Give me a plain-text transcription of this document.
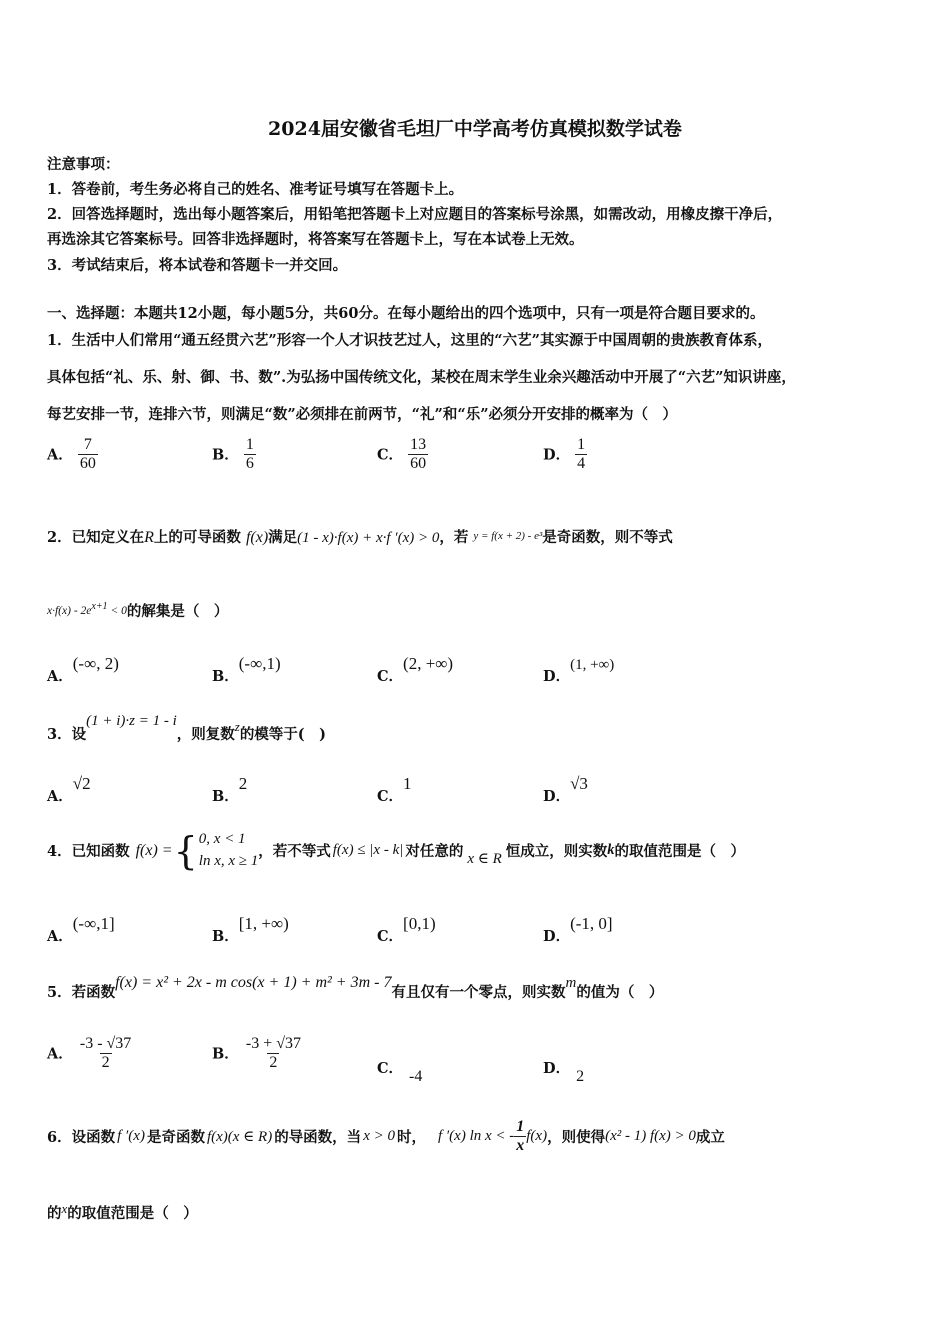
2024届安徽省毛坦厂中学高考仿真模拟数学试卷
注意事项：
1．答卷前，考生务必将自己的姓名、准考证号填写在答题卡上。
2．回答选择题时，选出每小题答案后，用铅笔把答题卡上对应题目的答案标号涂黑，如需改动，用橡皮擦干净后，
再选涂其它答案标号。回答非选择题时，将答案写在答题卡上，写在本试卷上无效。
3．考试结束后，将本试卷和答题卡一并交回。
一、选择题：本题共12小题，每小题5分，共60分。在每小题给出的四个选项中，只有一项是符合题目要求的。
1．生活中人们常用“通五经贯六艺”形容一个人才识技艺过人，这里的“六艺”其实源于中国周朝的贵族教育体系，
具体包括“礼、乐、射、御、书、数”.为弘扬中国传统文化，某校在周末学生业余兴趣活动中开展了“六艺”知识讲座，
每艺安排一节，连排六节，则满足“数”必须排在前两节，“礼”和“乐”必须分开安排的概率为（　）
A． $\frac{7}{60}$	B． $\frac{1}{6}$	C． $\frac{13}{60}$	D． $\frac{1}{4}$
2．已知定义在R上的可导函数 f(x)满足(1 - x)·f(x) + x·f ′(x) > 0，若 $^{y = f(x + 2) - e^3}$是奇函数，则不等式
$x\cdot f(x) - 2e^{x+1} < 0$的解集是（　）
A．(-∞, 2)
B．(-∞,1)
C．(2, +∞)
D．(1, +∞)
3．设(1 + i)·z = 1 - i，则复数z的模等于(　)
A．√2
B．2
C．1
D．√3
4．已知函数 f(x) = { 0, x < 1
ln x, x ≥ 1
，若不等式 f(x) ≤ |x - k| 对任意的 x ∈ R 恒成立，则实数 k 的取值范围是（　）
A．(-∞,1]
B．[1, +∞)
C．[0,1)
D．(-1, 0]
5．若函数f(x) = x² + 2x - m cos(x + 1) + m² + 3m - 7有且仅有一个零点，则实数m的值为（　）
A． $\frac{-3 - √37}{2}$	B． $\frac{-3 + √37}{2}$	C． -4	D． 2
6．设函数 f ′(x) 是奇函数 f(x)(x ∈ R) 的导函数，当 x > 0 时， f ′(x) ln x < - $\frac{1}{x} f(x)$ ，则使得 (x² - 1) f(x) > 0 成立
的x的取值范围是（　）
